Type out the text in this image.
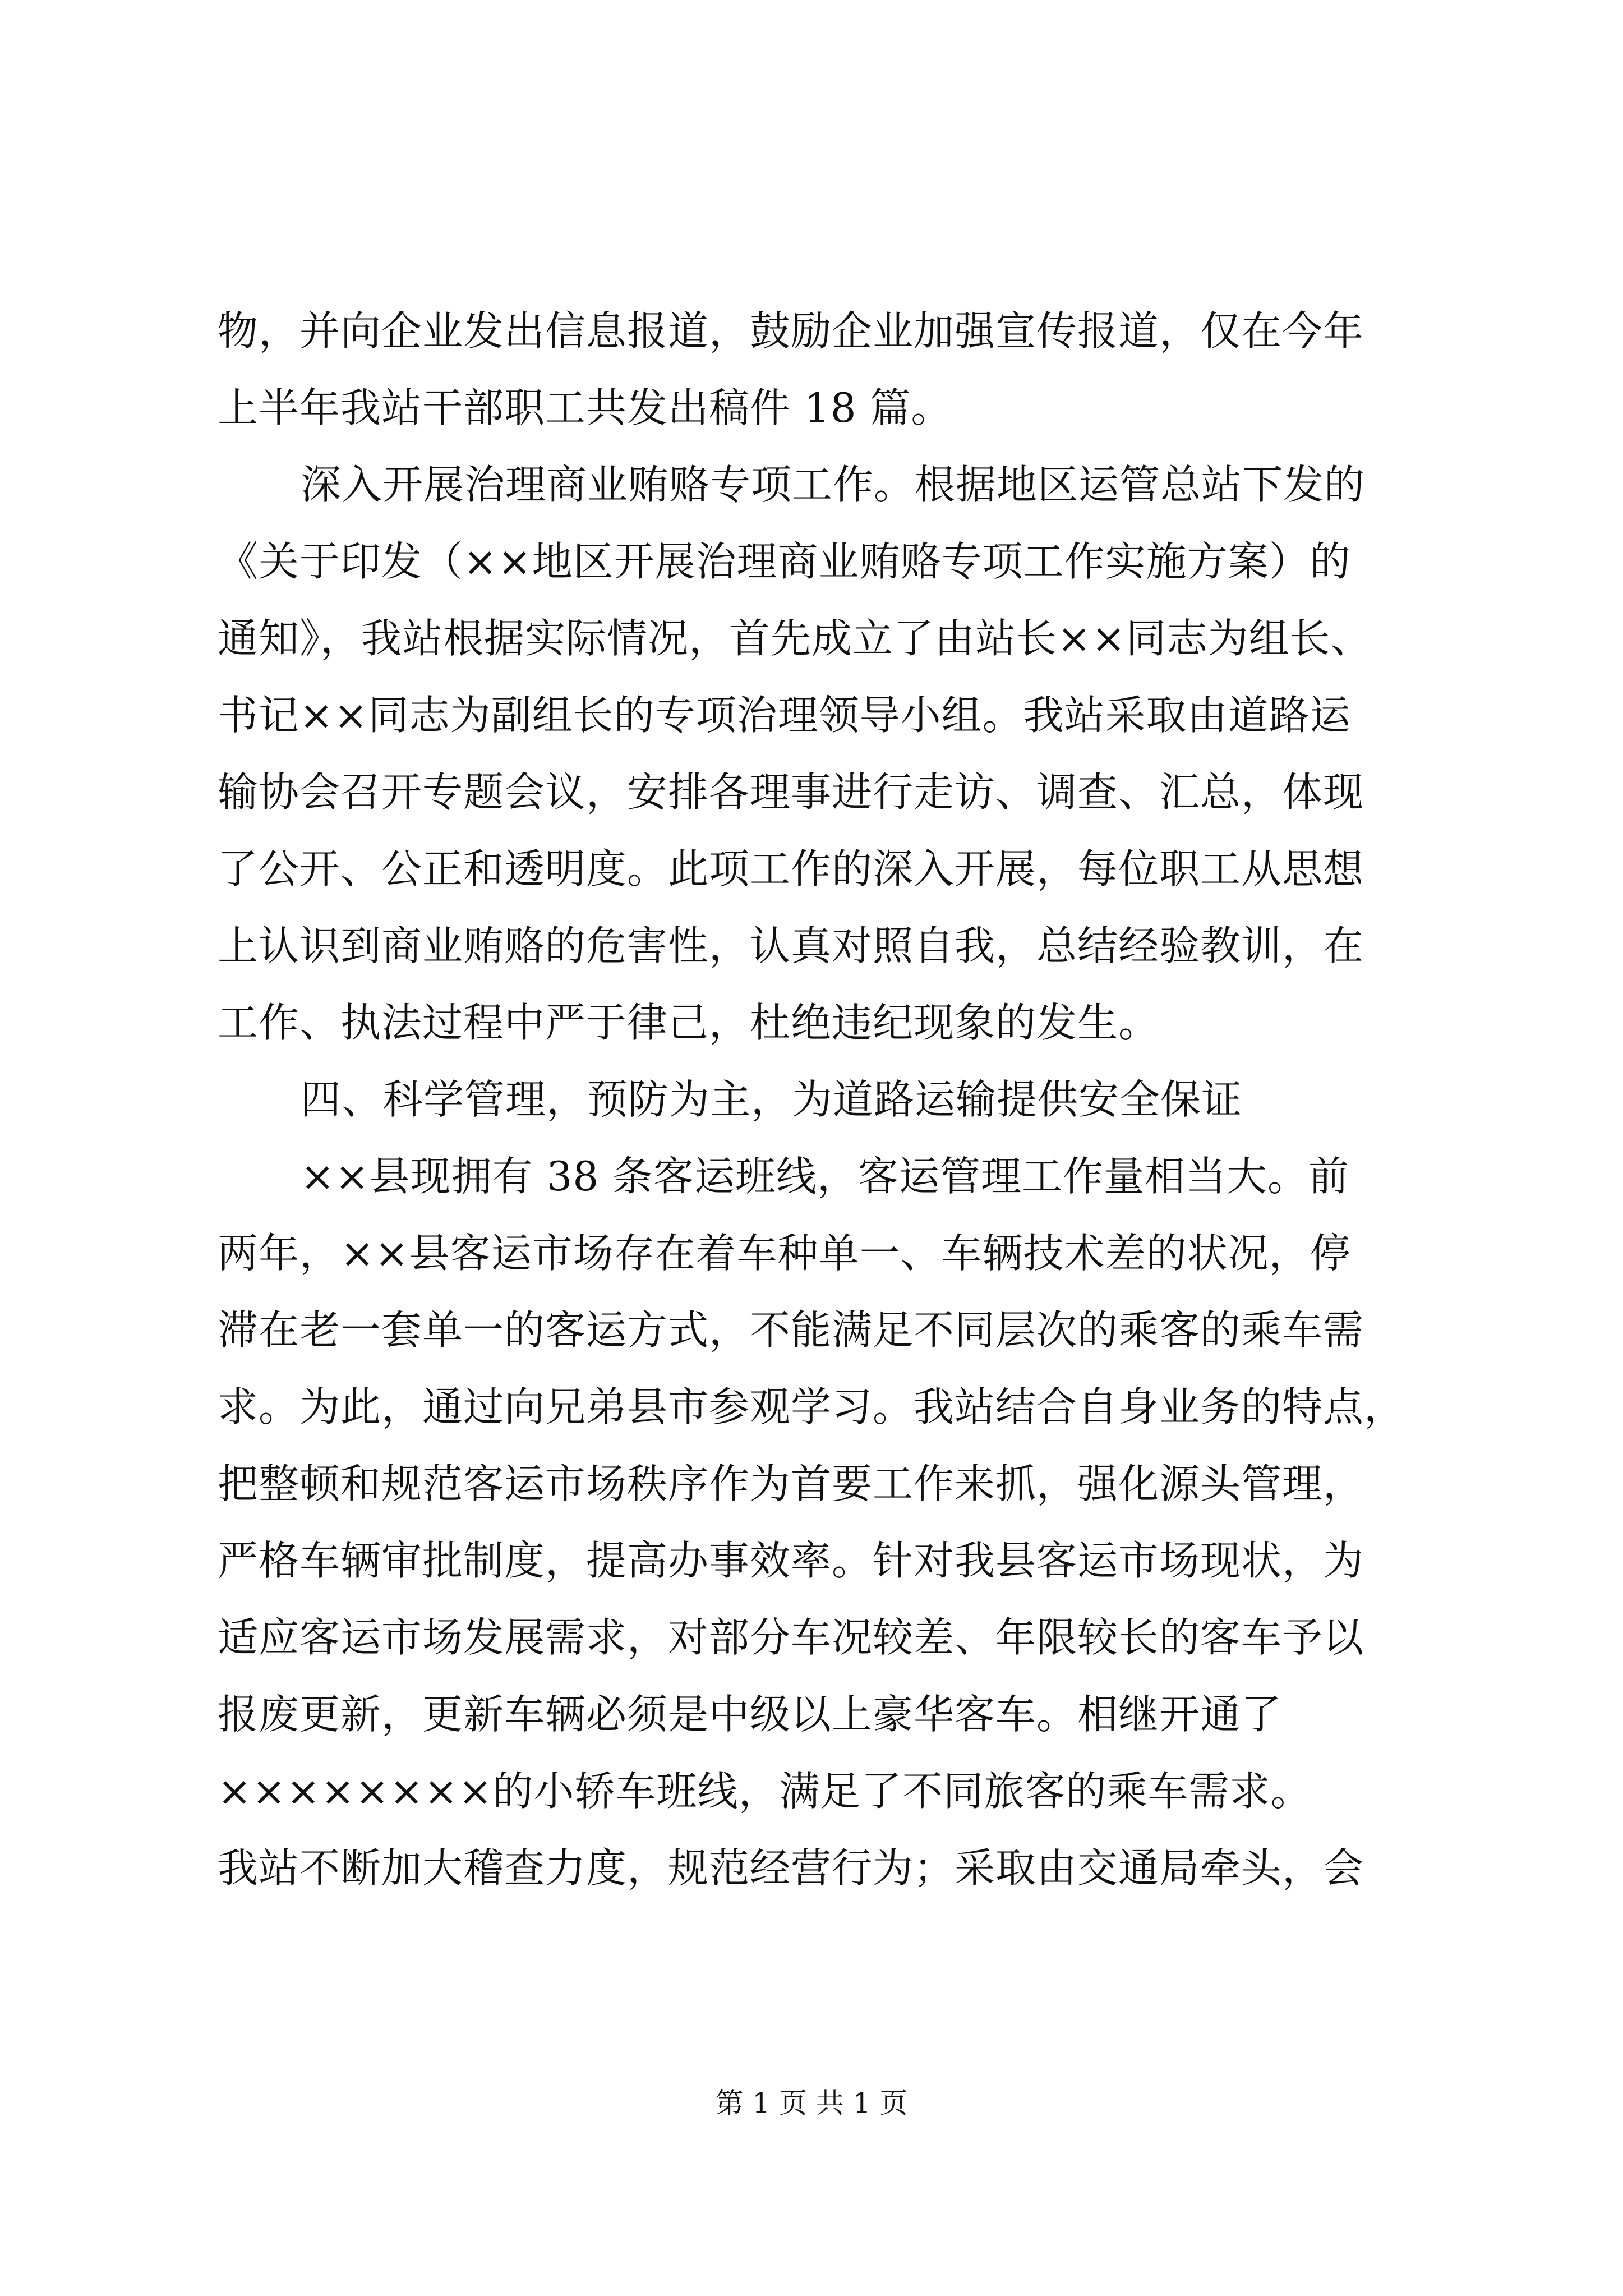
物，并向企业发出信息报道，鼓励企业加强宣传报道，仅在今年
上半年我站干部职工共发出稿件 18 篇。
深入开展治理商业贿赂专项工作。根据地区运管总站下发的
《关于印发（××地区开展治理商业贿赂专项工作实施方案）的
通知》，我站根据实际情况，首先成立了由站长××同志为组长、
书记××同志为副组长的专项治理领导小组。我站采取由道路运
输协会召开专题会议，安排各理事进行走访、调查、汇总，体现
了公开、公正和透明度。此项工作的深入开展，每位职工从思想
上认识到商业贿赂的危害性，认真对照自我，总结经验教训，在
工作、执法过程中严于律己，杜绝违纪现象的发生。
四、科学管理，预防为主，为道路运输提供安全保证
××县现拥有 38 条客运班线，客运管理工作量相当大。前
两年，××县客运市场存在着车种单一、车辆技术差的状况，停
滞在老一套单一的客运方式，不能满足不同层次的乘客的乘车需
求。为此，通过向兄弟县市参观学习。我站结合自身业务的特点，
把整顿和规范客运市场秩序作为首要工作来抓，强化源头管理，
严格车辆审批制度，提高办事效率。针对我县客运市场现状，为
适应客运市场发展需求，对部分车况较差、年限较长的客车予以
报废更新，更新车辆必须是中级以上豪华客车。相继开通了
××××××××的小轿车班线，满足了不同旅客的乘车需求。
我站不断加大稽查力度，规范经营行为；采取由交通局牵头，会
第 1 页 共 1 页
